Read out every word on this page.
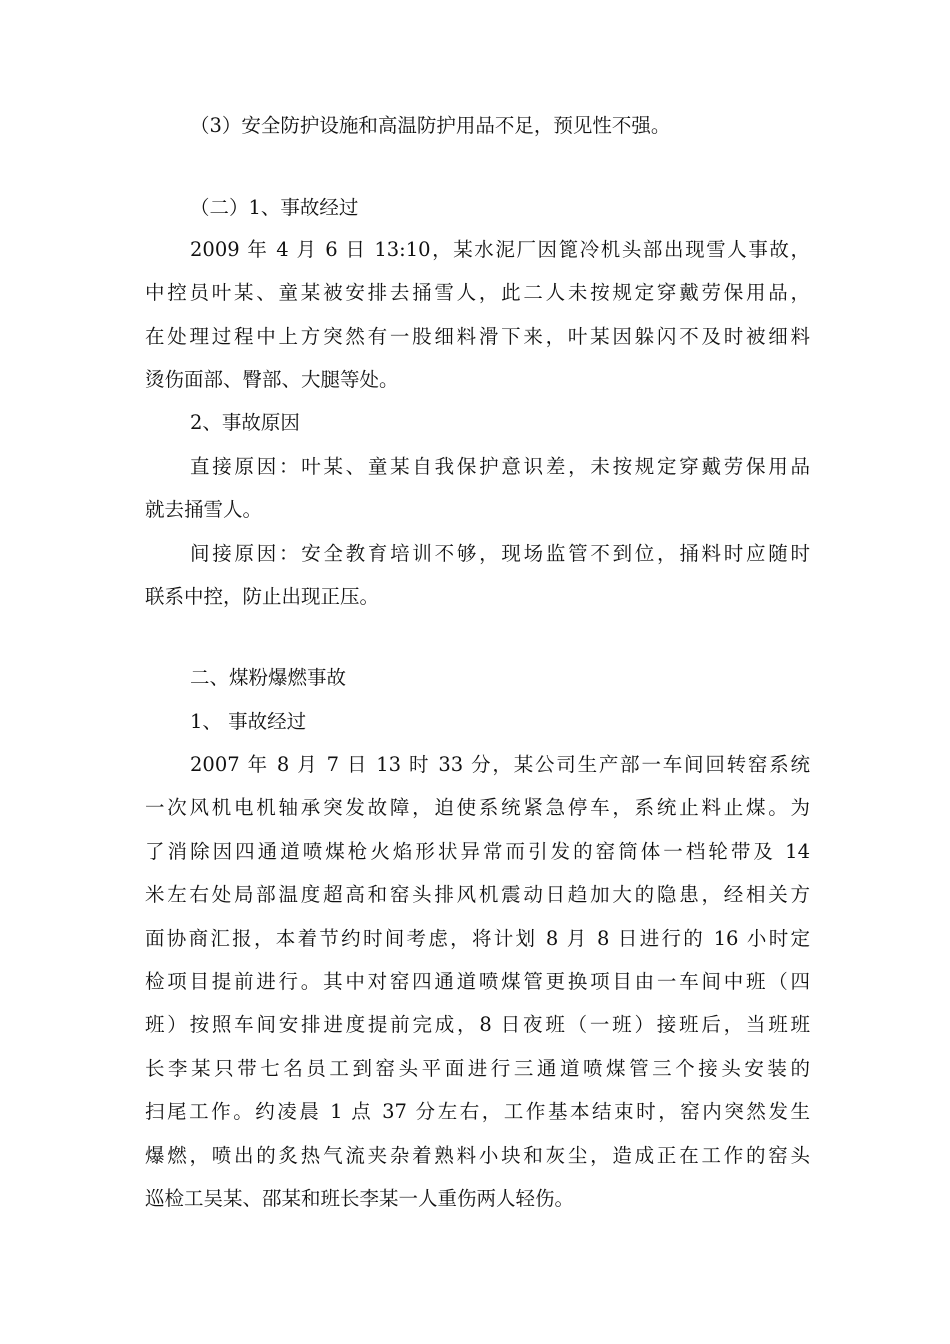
（3）安全防护设施和高温防护用品不足，预见性不强。
（二）1、事故经过
2009 年 4 月 6 日 13:10，某水泥厂因篦冷机头部出现雪人事故，
中控员叶某、童某被安排去捅雪人，此二人未按规定穿戴劳保用品，
在处理过程中上方突然有一股细料滑下来，叶某因躲闪不及时被细料
烫伤面部、臀部、大腿等处。
2、事故原因
直接原因：叶某、童某自我保护意识差，未按规定穿戴劳保用品
就去捅雪人。
间接原因：安全教育培训不够，现场监管不到位，捅料时应随时
联系中控，防止出现正压。
二、煤粉爆燃事故
1、 事故经过
2007 年 8 月 7 日 13 时 33 分，某公司生产部一车间回转窑系统
一次风机电机轴承突发故障，迫使系统紧急停车，系统止料止煤。为
了消除因四通道喷煤枪火焰形状异常而引发的窑筒体一档轮带及 14
米左右处局部温度超高和窑头排风机震动日趋加大的隐患，经相关方
面协商汇报，本着节约时间考虑，将计划 8 月 8 日进行的 16 小时定
检项目提前进行。其中对窑四通道喷煤管更换项目由一车间中班（四
班）按照车间安排进度提前完成，8 日夜班（一班）接班后，当班班
长李某只带七名员工到窑头平面进行三通道喷煤管三个接头安装的
扫尾工作。约凌晨 1 点 37 分左右，工作基本结束时，窑内突然发生
爆燃，喷出的炙热气流夹杂着熟料小块和灰尘，造成正在工作的窑头
巡检工吴某、邵某和班长李某一人重伤两人轻伤。
